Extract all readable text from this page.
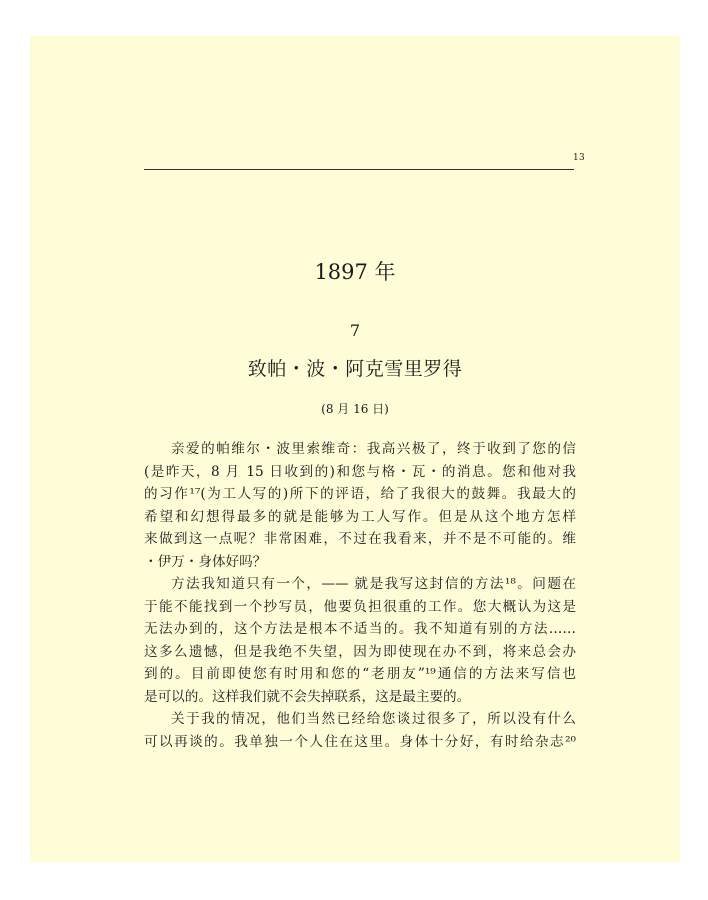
13
1897 年
7
致帕・波・阿克雪里罗得
(8 月 16 日)
亲爱的帕维尔・波里索维奇：我高兴极了，终于收到了您的信
(是昨天，8 月 15 日收到的)和您与格・瓦・的消息。您和他对我
的习作¹⁷(为工人写的)所下的评语，给了我很大的鼓舞。我最大的
希望和幻想得最多的就是能够为工人写作。但是从这个地方怎样
来做到这一点呢？非常困难，不过在我看来，并不是不可能的。维
・伊万・身体好吗？
方法我知道只有一个，—— 就是我写这封信的方法¹⁸。问题在
于能不能找到一个抄写员，他要负担很重的工作。您大概认为这是
无法办到的，这个方法是根本不适当的。我不知道有别的方法……
这多么遗憾，但是我绝不失望，因为即使现在办不到，将来总会办
到的。目前即使您有时用和您的“老朋友”¹⁹通信的方法来写信也
是可以的。这样我们就不会失掉联系，这是最主要的。
关于我的情况，他们当然已经给您谈过很多了，所以没有什么
可以再谈的。我单独一个人住在这里。身体十分好，有时给杂志²⁰
